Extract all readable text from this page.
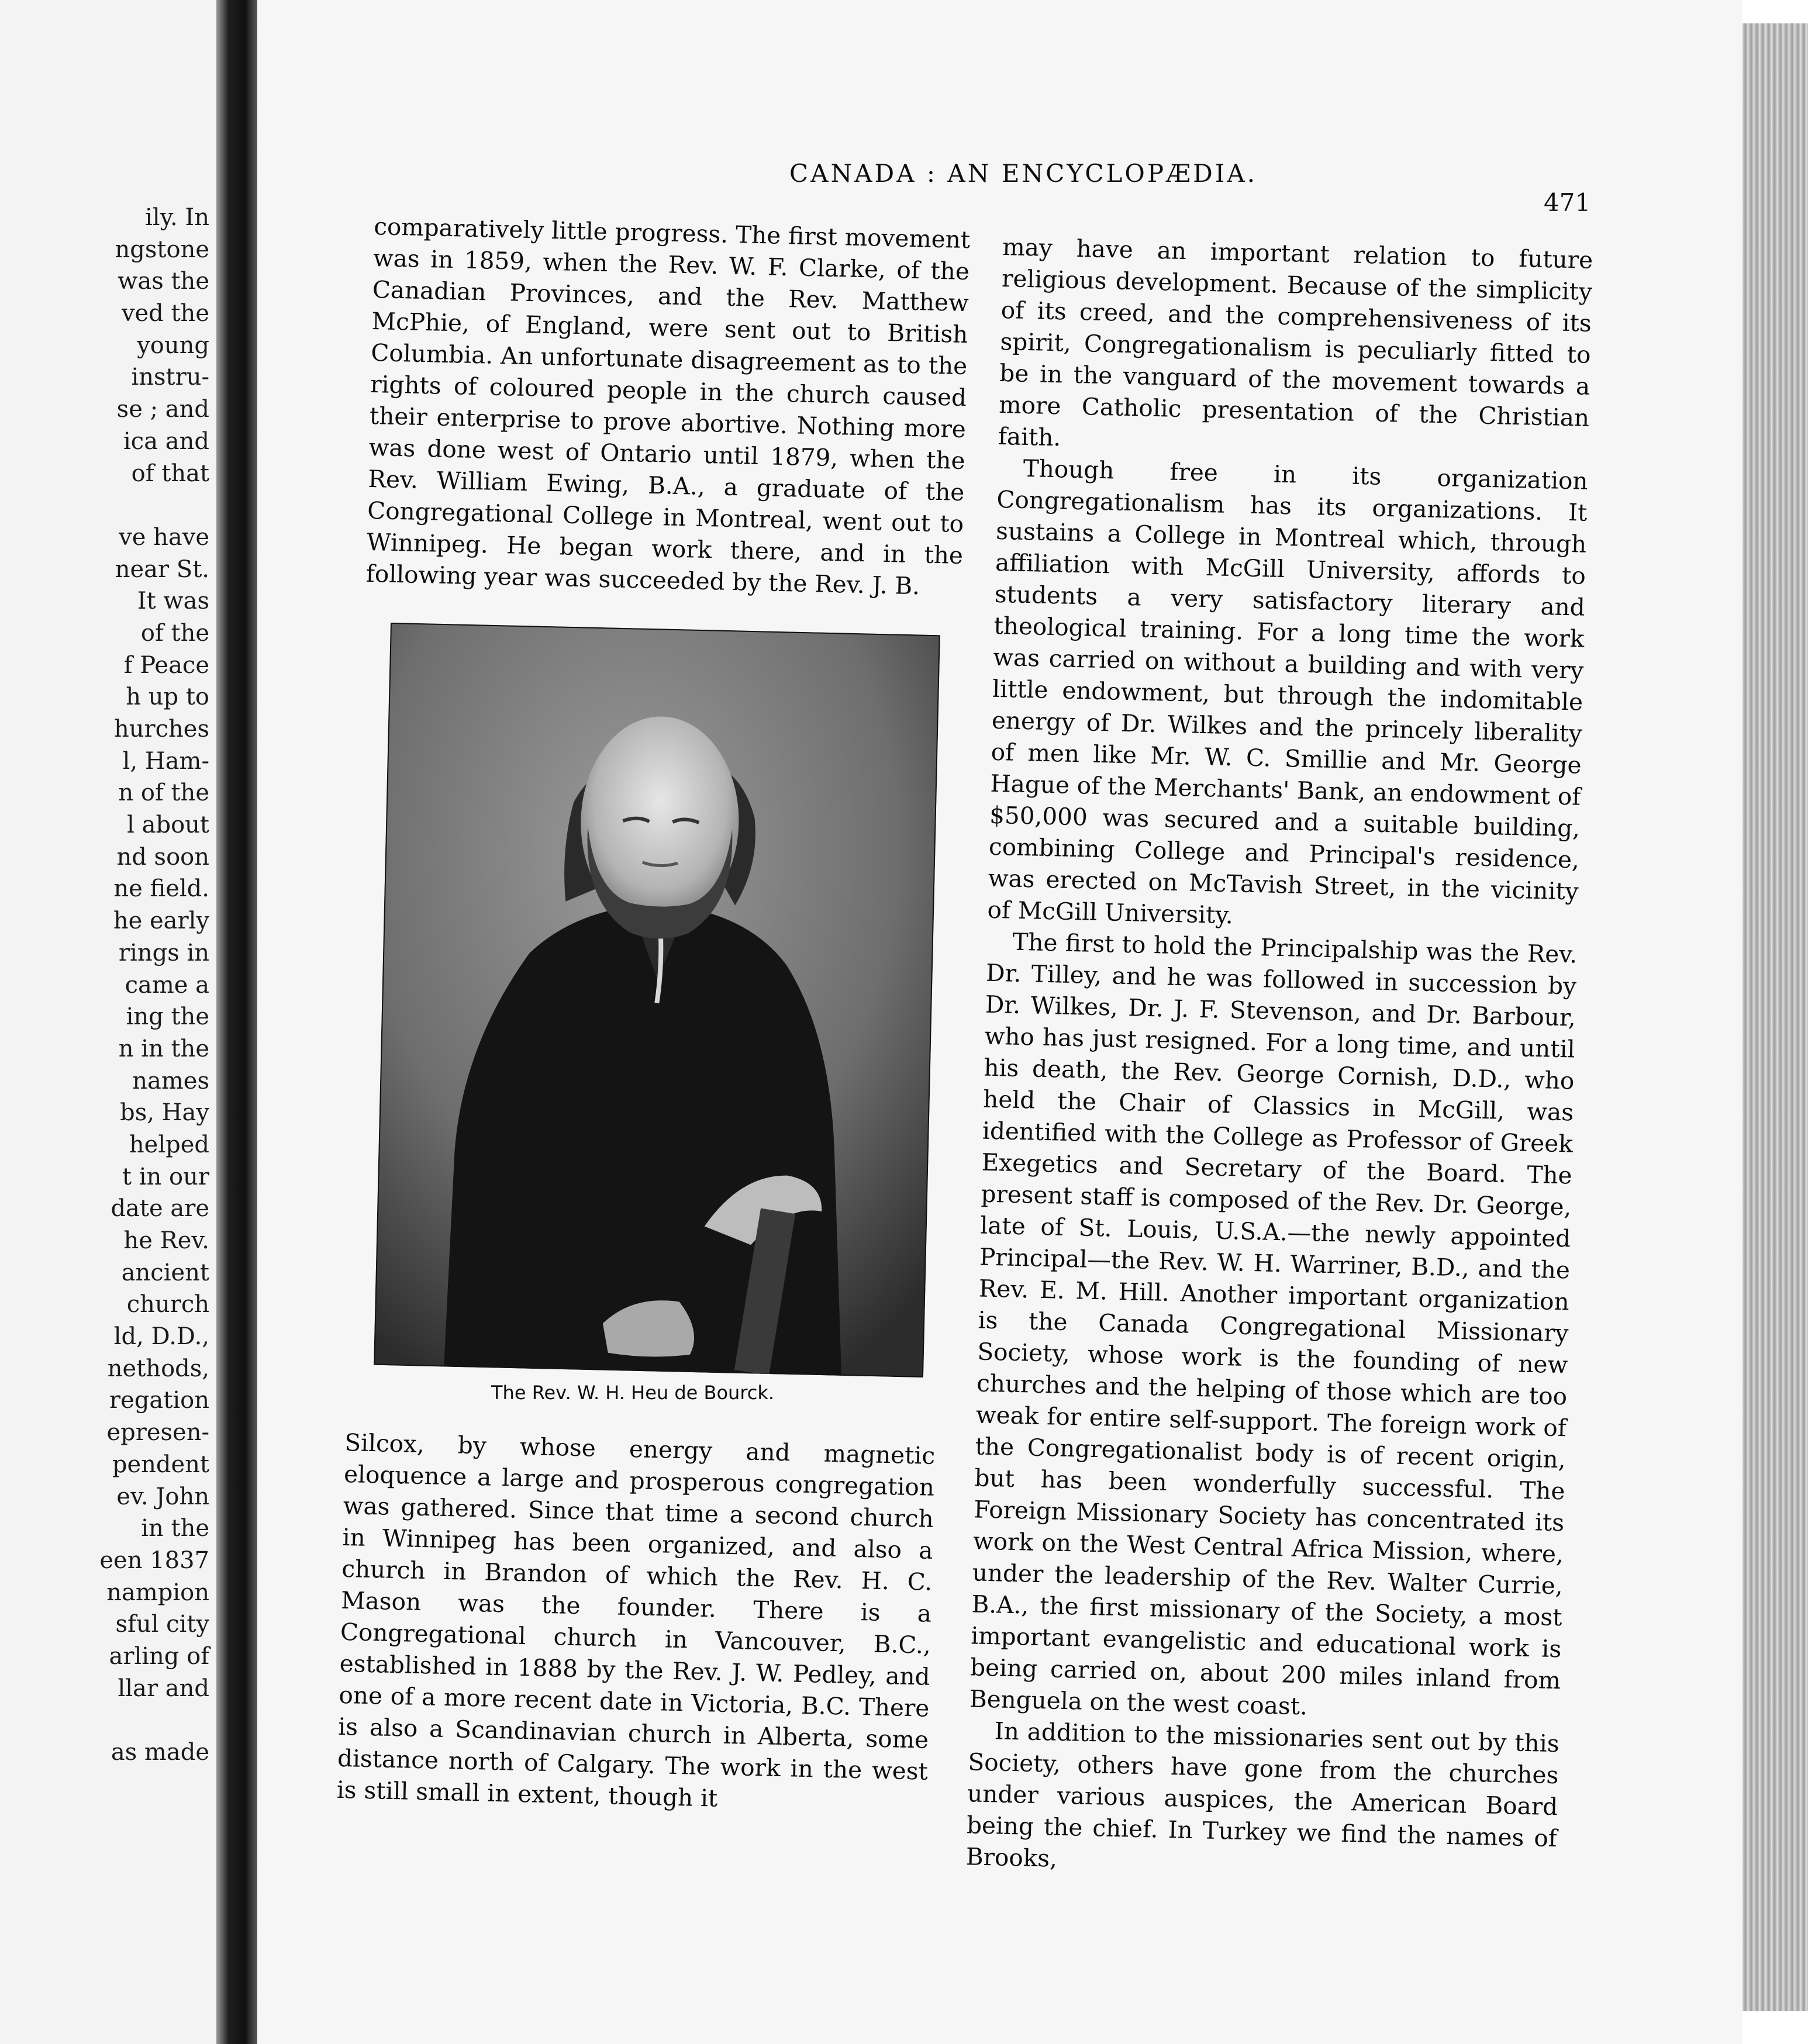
ily. In
ngstone
was the
ved the
young
instru-
se ; and
ica and
of that
ve have
near St.
It was
of the
f Peace
h up to
hurches
l, Ham-
n of the
l about
nd soon
ne field.
he early
rings in
came a
ing the
n in the
names
bs, Hay
helped
t in our
date are
he Rev.
ancient
church
ld, D.D.,
nethods,
regation
epresen-
pendent
ev. John
in the
een 1837
nampion
sful city
arling of
llar and
as made
CANADA : AN ENCYCLOPÆDIA.
471

comparatively little progress. The first movement was in 1859, when the Rev. W. F. Clarke, of the Canadian Provinces, and the Rev. Matthew McPhie, of England, were sent out to British Columbia. An unfortunate disagreement as to the rights of coloured people in the church caused their enterprise to prove abortive. Nothing more was done west of Ontario until 1879, when the Rev. William Ewing, B.A., a graduate of the Congregational College in Montreal, went out to Winnipeg. He began work there, and in the following year was succeeded by the Rev. J. B.

The Rev. W. H. Heu de Bourck.

Silcox, by whose energy and magnetic eloquence a large and prosperous congregation was gathered. Since that time a second church in Winnipeg has been organized, and also a church in Brandon of which the Rev. H. C. Mason was the founder. There is a Congregational church in Vancouver, B.C., established in 1888 by the Rev. J. W. Pedley, and one of a more recent date in Victoria, B.C. There is also a Scandinavian church in Alberta, some distance north of Calgary. The work in the west is still small in extent, though it

may have an important relation to future religious development. Because of the simplicity of its creed, and the comprehensiveness of its spirit, Congregationalism is peculiarly fitted to be in the vanguard of the movement towards a more Catholic presentation of the Christian faith.

Though free in its organization Congregationalism has its organizations. It sustains a College in Montreal which, through affiliation with McGill University, affords to students a very satisfactory literary and theological training. For a long time the work was carried on without a building and with very little endowment, but through the indomitable energy of Dr. Wilkes and the princely liberality of men like Mr. W. C. Smillie and Mr. George Hague of the Merchants' Bank, an endowment of $50,000 was secured and a suitable building, combining College and Principal's residence, was erected on McTavish Street, in the vicinity of McGill University.

The first to hold the Principalship was the Rev. Dr. Tilley, and he was followed in succession by Dr. Wilkes, Dr. J. F. Stevenson, and Dr. Barbour, who has just resigned. For a long time, and until his death, the Rev. George Cornish, D.D., who held the Chair of Classics in McGill, was identified with the College as Professor of Greek Exegetics and Secretary of the Board. The present staff is composed of the Rev. Dr. George, late of St. Louis, U.S.A.—the newly appointed Principal—the Rev. W. H. Warriner, B.D., and the Rev. E. M. Hill. Another important organization is the Canada Congregational Missionary Society, whose work is the founding of new churches and the helping of those which are too weak for entire self-support. The foreign work of the Congregationalist body is of recent origin, but has been wonderfully successful. The Foreign Missionary Society has concentrated its work on the West Central Africa Mission, where, under the leadership of the Rev. Walter Currie, B.A., the first missionary of the Society, a most important evangelistic and educational work is being carried on, about 200 miles inland from Benguela on the west coast.

In addition to the missionaries sent out by this Society, others have gone from the churches under various auspices, the American Board being the chief. In Turkey we find the names of Brooks,
